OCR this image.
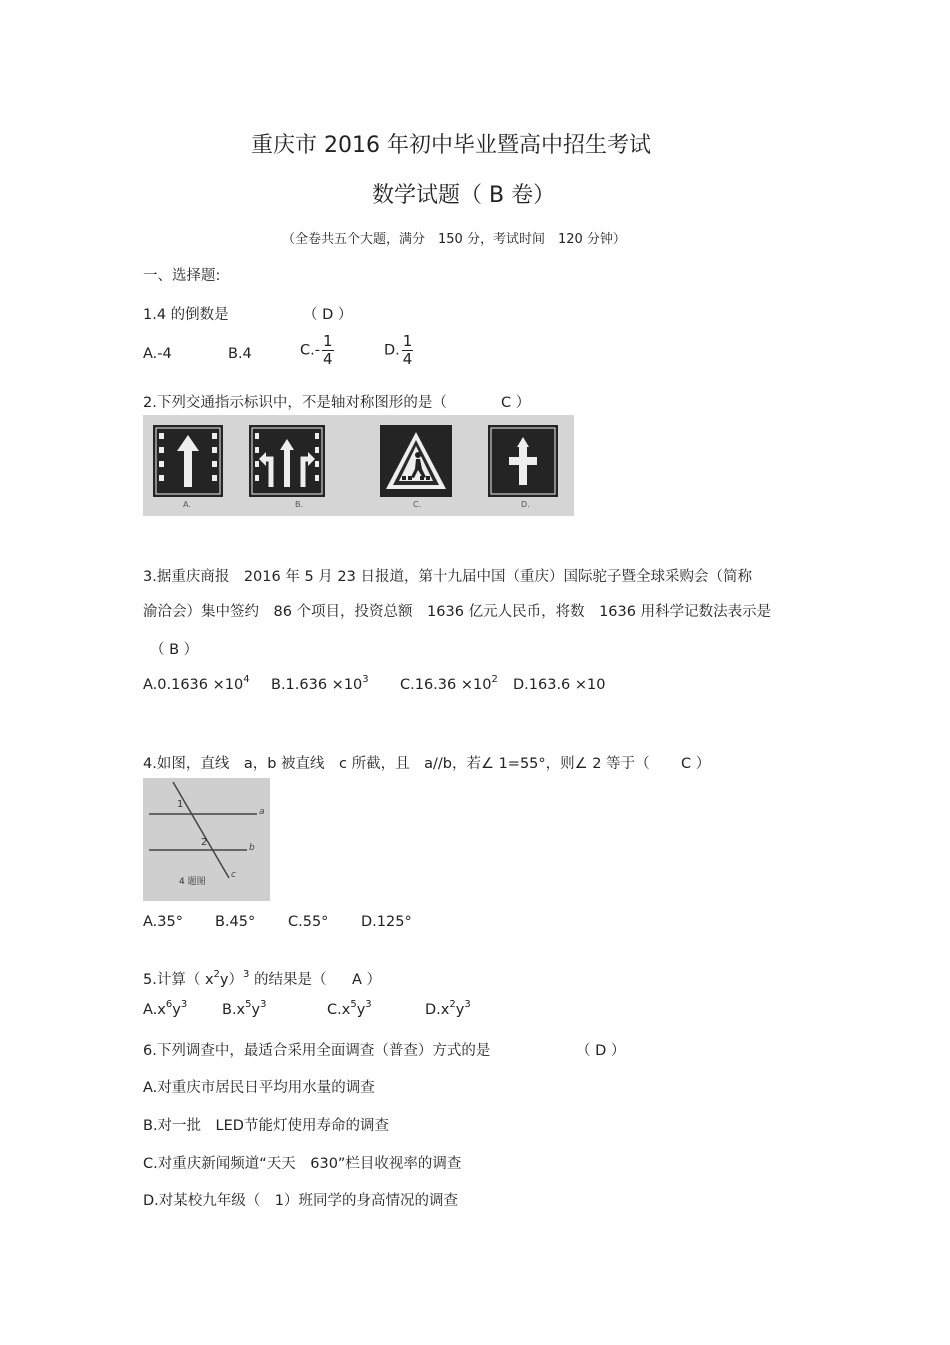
重庆市 2016 年初中毕业暨高中招生考试
数学试题（ B 卷）
（全卷共五个大题，满分　150 分，考试时间　120 分钟）
一、选择题:
1.4 的倒数是	（ D ）
A.-4	B.4	$C.- \frac{1}{4}$	D. $\frac{1}{4}$
2.下列交通指示标识中，不是轴对称图形的是（	C ）
A.	B.	C.	D.
3.据重庆商报　2016 年 5 月 23 日报道，第十九届中国（重庆）国际驼子暨全球采购会（简称
渝洽会）集中签约　86 个项目，投资总额　1636 亿元人民币，将数　1636 用科学记数法表示是
（ B ）
$A.0.1636 \times 10^4$ $B.1.636 \times 10^3$ $C.16.36 \times 10^2$ D.163.6 ×10
4.如图，直线　a，b 被直线　c 所截，且　a//b，若∠ 1=55°，则∠ 2 等于（ C ）
a
b
c
1
2
4 题图
A.35° B.45° C.55° D.125°
5.计算（ $x^2y)^3$ 的结果是（ A ）
$A.x^6y^3$ $B.x^5y^3$	$C.x^5y^3$	$D.x^2y^3$
6.下列调查中，最适合采用全面调查（普查）方式的是	（ D ）
A.对重庆市居民日平均用水量的调查
B.对一批　LED节能灯使用寿命的调查
C.对重庆新闻频道“天天　630”栏目收视率的调查
D.对某校九年级（　1）班同学的身高情况的调查
